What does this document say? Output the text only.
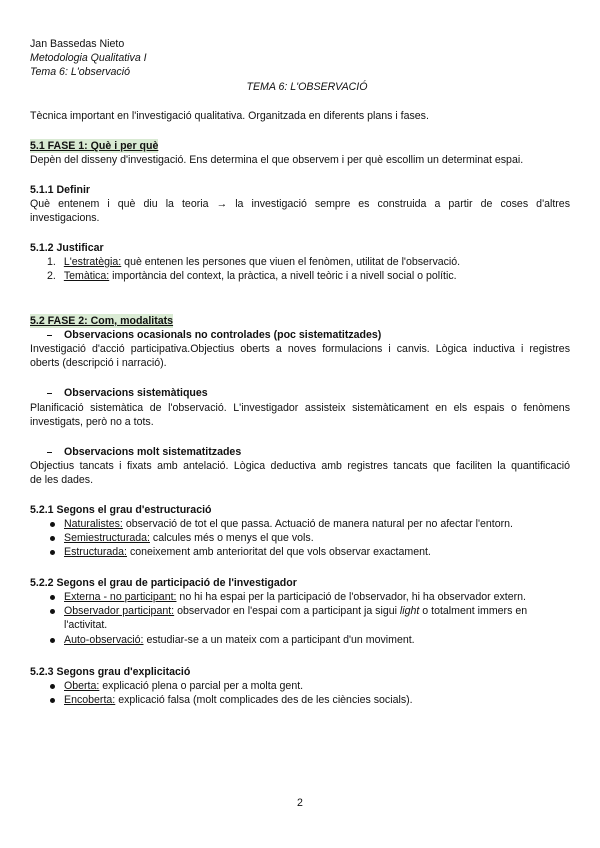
Jan Bassedas Nieto
Metodologia Qualitativa I
Tema 6: L'observació
TEMA 6: L'OBSERVACIÓ
Tècnica important en l'investigació qualitativa. Organitzada en diferents plans i fases.
5.1 FASE 1: Què i per què
Depèn del disseny d'investigació. Ens determina el que observem i per què escollim un determinat espai.
5.1.1 Definir
Què entenem i què diu la teoria → la investigació sempre es construida a partir de coses d'altres
investigacions.
5.1.2 Justificar
1. L'estratègia: què entenen les persones que viuen el fenòmen, utilitat de l'observació.
2. Temàtica: importància del context, la pràctica, a nivell teòric i a nivell social o polític.
5.2 FASE 2: Com, modalitats
Observacions ocasionals no controlades (poc sistematitzades)
Investigació d'acció participativa.Objectius oberts a noves formulacions i canvis. Lògica inductiva i registres
oberts (descripció i narració).
Observacions sistemàtiques
Planificació sistemàtica de l'observació. L'investigador assisteix sistemàticament en els espais o fenòmens
investigats, però no a tots.
Observacions molt sistematitzades
Objectius tancats i fixats amb antelació. Lògica deductiva amb registres tancats que faciliten la quantificació
de les dades.
5.2.1 Segons el grau d'estructuració
Naturalistes: observació de tot el que passa. Actuació de manera natural per no afectar l'entorn.
Semiestructurada: calcules més o menys el que vols.
Estructurada: coneixement amb anterioritat del que vols observar exactament.
5.2.2 Segons el grau de participació de l'investigador
Externa - no participant: no hi ha espai per la participació de l'observador, hi ha observador extern.
Observador participant: observador en l'espai com a participant ja sigui light o totalment immers en
l'activitat.
Auto-observació: estudiar-se a un mateix com a participant d'un moviment.
5.2.3 Segons grau d'explicitació
Oberta: explicació plena o parcial per a molta gent.
Encoberta: explicació falsa (molt complicades des de les ciències socials).
2
